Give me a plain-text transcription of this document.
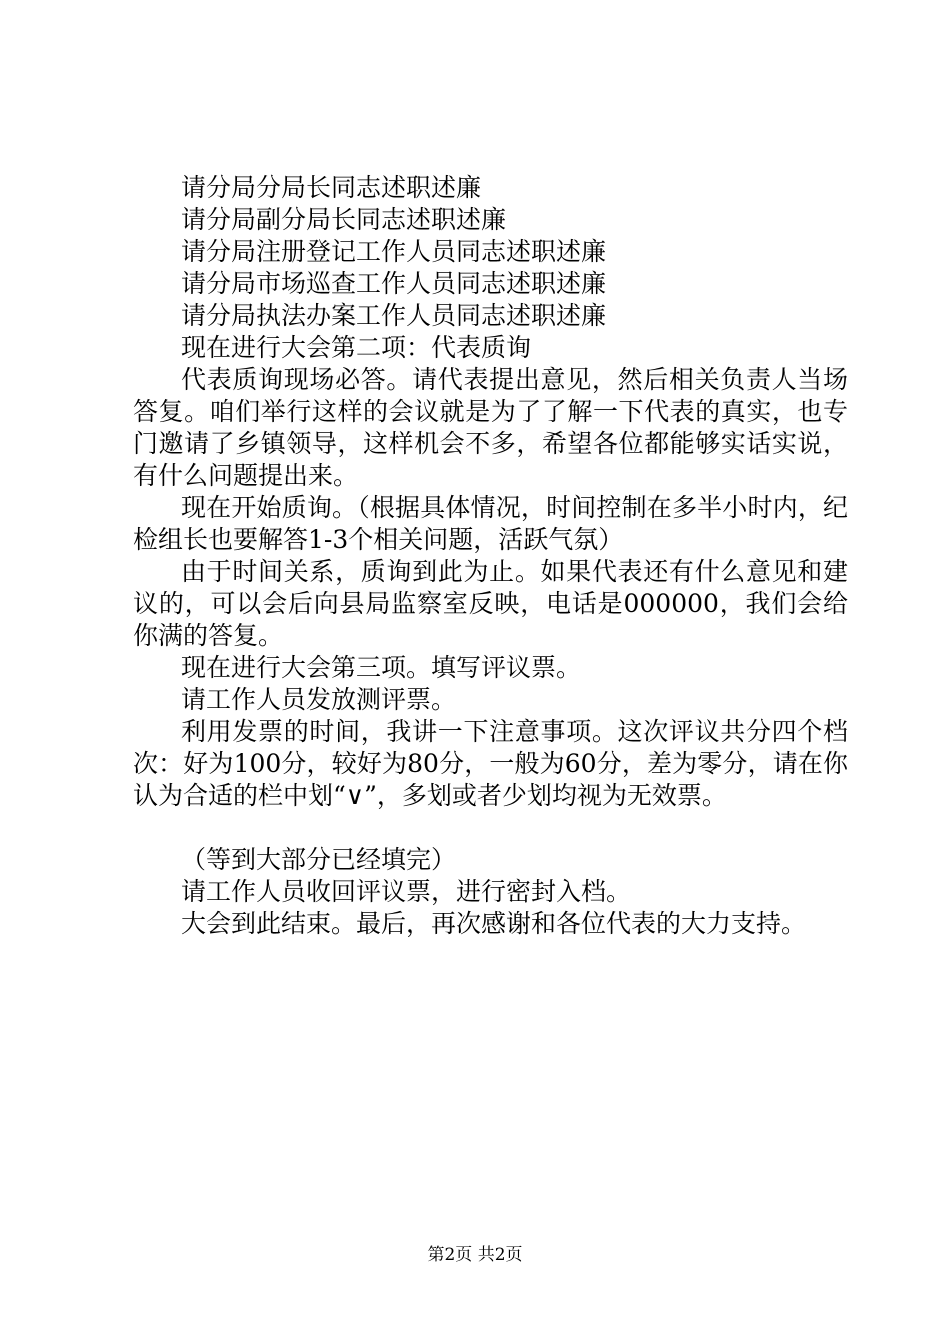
请分局分局长同志述职述廉

请分局副分局长同志述职述廉

请分局注册登记工作人员同志述职述廉

请分局市场巡查工作人员同志述职述廉

请分局执法办案工作人员同志述职述廉

现在进行大会第二项：代表质询

代表质询现场必答。请代表提出意见，然后相关负责人当场答复。咱们举行这样的会议就是为了了解一下代表的真实，也专门邀请了乡镇领导，这样机会不多，希望各位都能够实话实说，有什么问题提出来。

现在开始质询。（根据具体情况，时间控制在多半小时内，纪检组长也要解答1-3个相关问题，活跃气氛）

由于时间关系，质询到此为止。如果代表还有什么意见和建议的，可以会后向县局监察室反映，电话是000000，我们会给你满的答复。

现在进行大会第三项。填写评议票。

请工作人员发放测评票。

利用发票的时间，我讲一下注意事项。这次评议共分四个档次：好为100分，较好为80分，一般为60分，差为零分，请在你认为合适的栏中划“∨”，多划或者少划均视为无效票。

（等到大部分已经填完）

请工作人员收回评议票，进行密封入档。

大会到此结束。最后，再次感谢和各位代表的大力支持。

第2页 共2页
